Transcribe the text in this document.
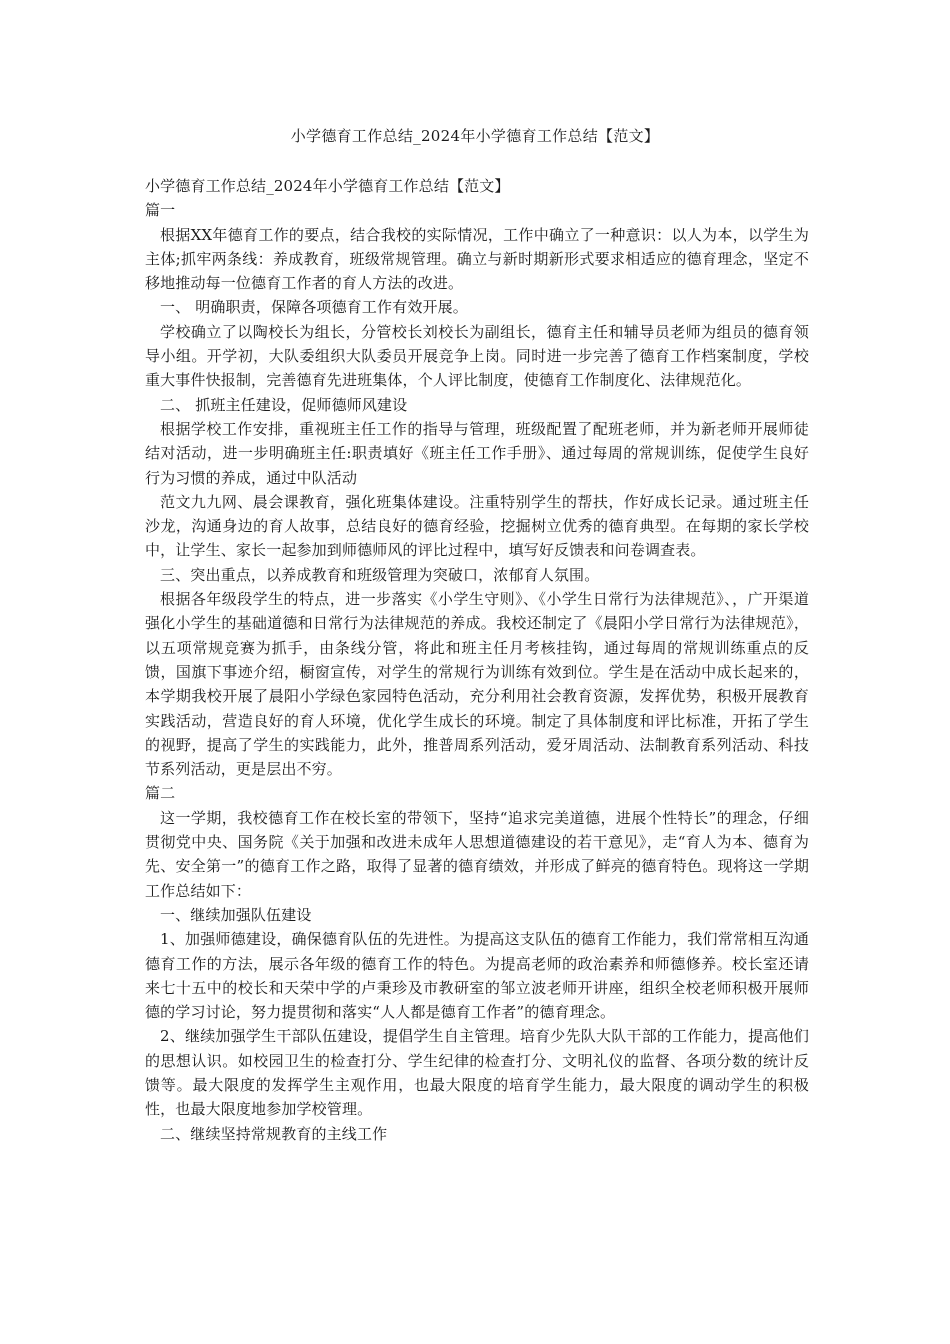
小学德育工作总结_2024年小学德育工作总结【范文】

小学德育工作总结_2024年小学德育工作总结【范文】

篇一

根据XX年德育工作的要点，结合我校的实际情况，工作中确立了一种意识：以人为本，以学生为主体;抓牢两条线：养成教育，班级常规管理。确立与新时期新形式要求相适应的德育理念，坚定不移地推动每一位德育工作者的育人方法的改进。

一、 明确职责，保障各项德育工作有效开展。

学校确立了以陶校长为组长，分管校长刘校长为副组长，德育主任和辅导员老师为组员的德育领导小组。开学初，大队委组织大队委员开展竞争上岗。同时进一步完善了德育工作档案制度，学校重大事件快报制，完善德育先进班集体，个人评比制度，使德育工作制度化、法律规范化。

二、 抓班主任建设，促师德师风建设

根据学校工作安排，重视班主任工作的指导与管理，班级配置了配班老师，并为新老师开展师徒结对活动，进一步明确班主任:职责填好《班主任工作手册》、通过每周的常规训练，促使学生良好行为习惯的养成，通过中队活动

范文九九网、晨会课教育，强化班集体建设。注重特别学生的帮扶，作好成长记录。通过班主任沙龙，沟通身边的育人故事，总结良好的德育经验，挖掘树立优秀的德育典型。在每期的家长学校中，让学生、家长一起参加到师德师风的评比过程中，填写好反馈表和问卷调查表。

三、突出重点，以养成教育和班级管理为突破口，浓郁育人氛围。

根据各年级段学生的特点，进一步落实《小学生守则》、《小学生日常行为法律规范》、，广开渠道强化小学生的基础道德和日常行为法律规范的养成。我校还制定了《晨阳小学日常行为法律规范》，以五项常规竞赛为抓手，由条线分管，将此和班主任月考核挂钩，通过每周的常规训练重点的反馈，国旗下事迹介绍，橱窗宣传，对学生的常规行为训练有效到位。学生是在活动中成长起来的，本学期我校开展了晨阳小学绿色家园特色活动，充分利用社会教育资源，发挥优势，积极开展教育实践活动，营造良好的育人环境，优化学生成长的环境。制定了具体制度和评比标准，开拓了学生的视野，提高了学生的实践能力，此外，推普周系列活动，爱牙周活动、法制教育系列活动、科技节系列活动，更是层出不穷。

篇二

这一学期，我校德育工作在校长室的带领下，坚持“追求完美道德，进展个性特长”的理念，仔细贯彻党中央、国务院《关于加强和改进未成年人思想道德建设的若干意见》，走“育人为本、德育为先、安全第一”的德育工作之路，取得了显著的德育绩效，并形成了鲜亮的德育特色。现将这一学期工作总结如下：

一、继续加强队伍建设

1、加强师德建设，确保德育队伍的先进性。为提高这支队伍的德育工作能力，我们常常相互沟通德育工作的方法，展示各年级的德育工作的特色。为提高老师的政治素养和师德修养。校长室还请来七十五中的校长和天荣中学的卢秉珍及市教研室的邹立波老师开讲座，组织全校老师积极开展师德的学习讨论，努力提贯彻和落实“人人都是德育工作者”的德育理念。

2、继续加强学生干部队伍建设，提倡学生自主管理。培育少先队大队干部的工作能力，提高他们的思想认识。如校园卫生的检查打分、学生纪律的检查打分、文明礼仪的监督、各项分数的统计反馈等。最大限度的发挥学生主观作用，也最大限度的培育学生能力，最大限度的调动学生的积极性，也最大限度地参加学校管理。

二、继续坚持常规教育的主线工作
